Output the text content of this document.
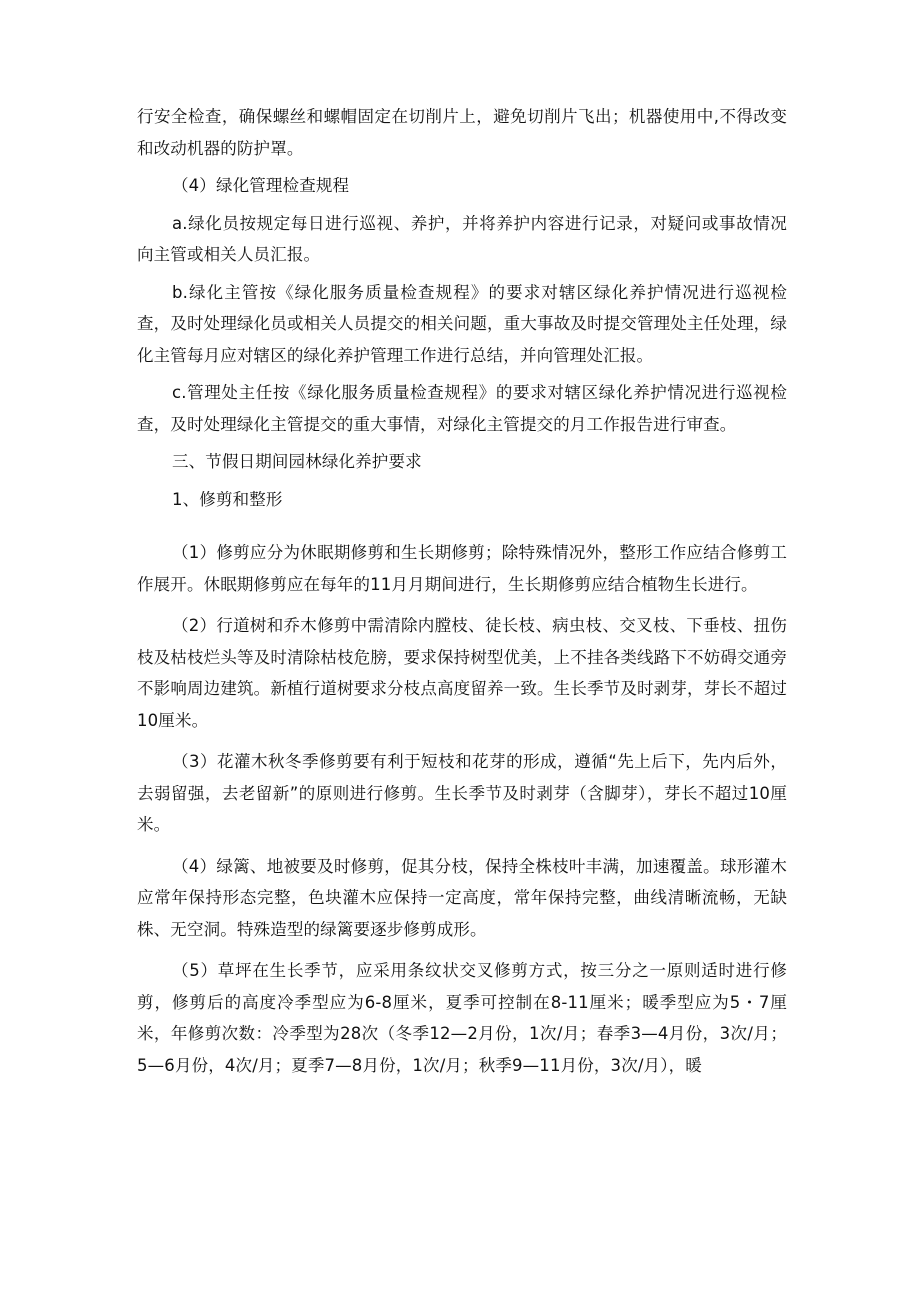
行安全检查，确保螺丝和螺帽固定在切削片上，避免切削片飞出；机器使用中,不得改变和改动机器的防护罩。

（4）绿化管理检查规程

a.绿化员按规定每日进行巡视、养护，并将养护内容进行记录，对疑问或事故情况向主管或相关人员汇报。

b.绿化主管按《绿化服务质量检查规程》的要求对辖区绿化养护情况进行巡视检查，及时处理绿化员或相关人员提交的相关问题，重大事故及时提交管理处主任处理，绿化主管每月应对辖区的绿化养护管理工作进行总结，并向管理处汇报。

c.管理处主任按《绿化服务质量检查规程》的要求对辖区绿化养护情况进行巡视检查，及时处理绿化主管提交的重大事情，对绿化主管提交的月工作报告进行审查。

三、节假日期间园林绿化养护要求

1、修剪和整形

（1）修剪应分为休眠期修剪和生长期修剪；除特殊情况外，整形工作应结合修剪工作展开。休眠期修剪应在每年的11月月期间进行，生长期修剪应结合植物生长进行。

（2）行道树和乔木修剪中需清除内膛枝、徒长枝、病虫枝、交叉枝、下垂枝、扭伤枝及枯枝烂头等及时清除枯枝危膀，要求保持树型优美，上不挂各类线路下不妨碍交通旁不影响周边建筑。新植行道树要求分枝点高度留养一致。生长季节及时剥芽，芽长不超过10厘米。

（3）花灌木秋冬季修剪要有利于短枝和花芽的形成，遵循“先上后下，先内后外，去弱留强，去老留新”的原则进行修剪。生长季节及时剥芽（含脚芽），芽长不超过10厘米。

（4）绿篱、地被要及时修剪，促其分枝，保持全株枝叶丰满，加速覆盖。球形灌木应常年保持形态完整，色块灌木应保持一定高度，常年保持完整，曲线清晰流畅，无缺株、无空洞。特殊造型的绿篱要逐步修剪成形。

（5）草坪在生长季节，应采用条纹状交叉修剪方式，按三分之一原则适时进行修剪，修剪后的高度冷季型应为6-8厘米，夏季可控制在8-11厘米；暖季型应为5・7厘米，年修剪次数：冷季型为28次（冬季12—2月份，1次/月；春季3—4月份，3次/月；5—6月份，4次/月；夏季7—8月份，1次/月；秋季9—11月份，3次/月），暖
